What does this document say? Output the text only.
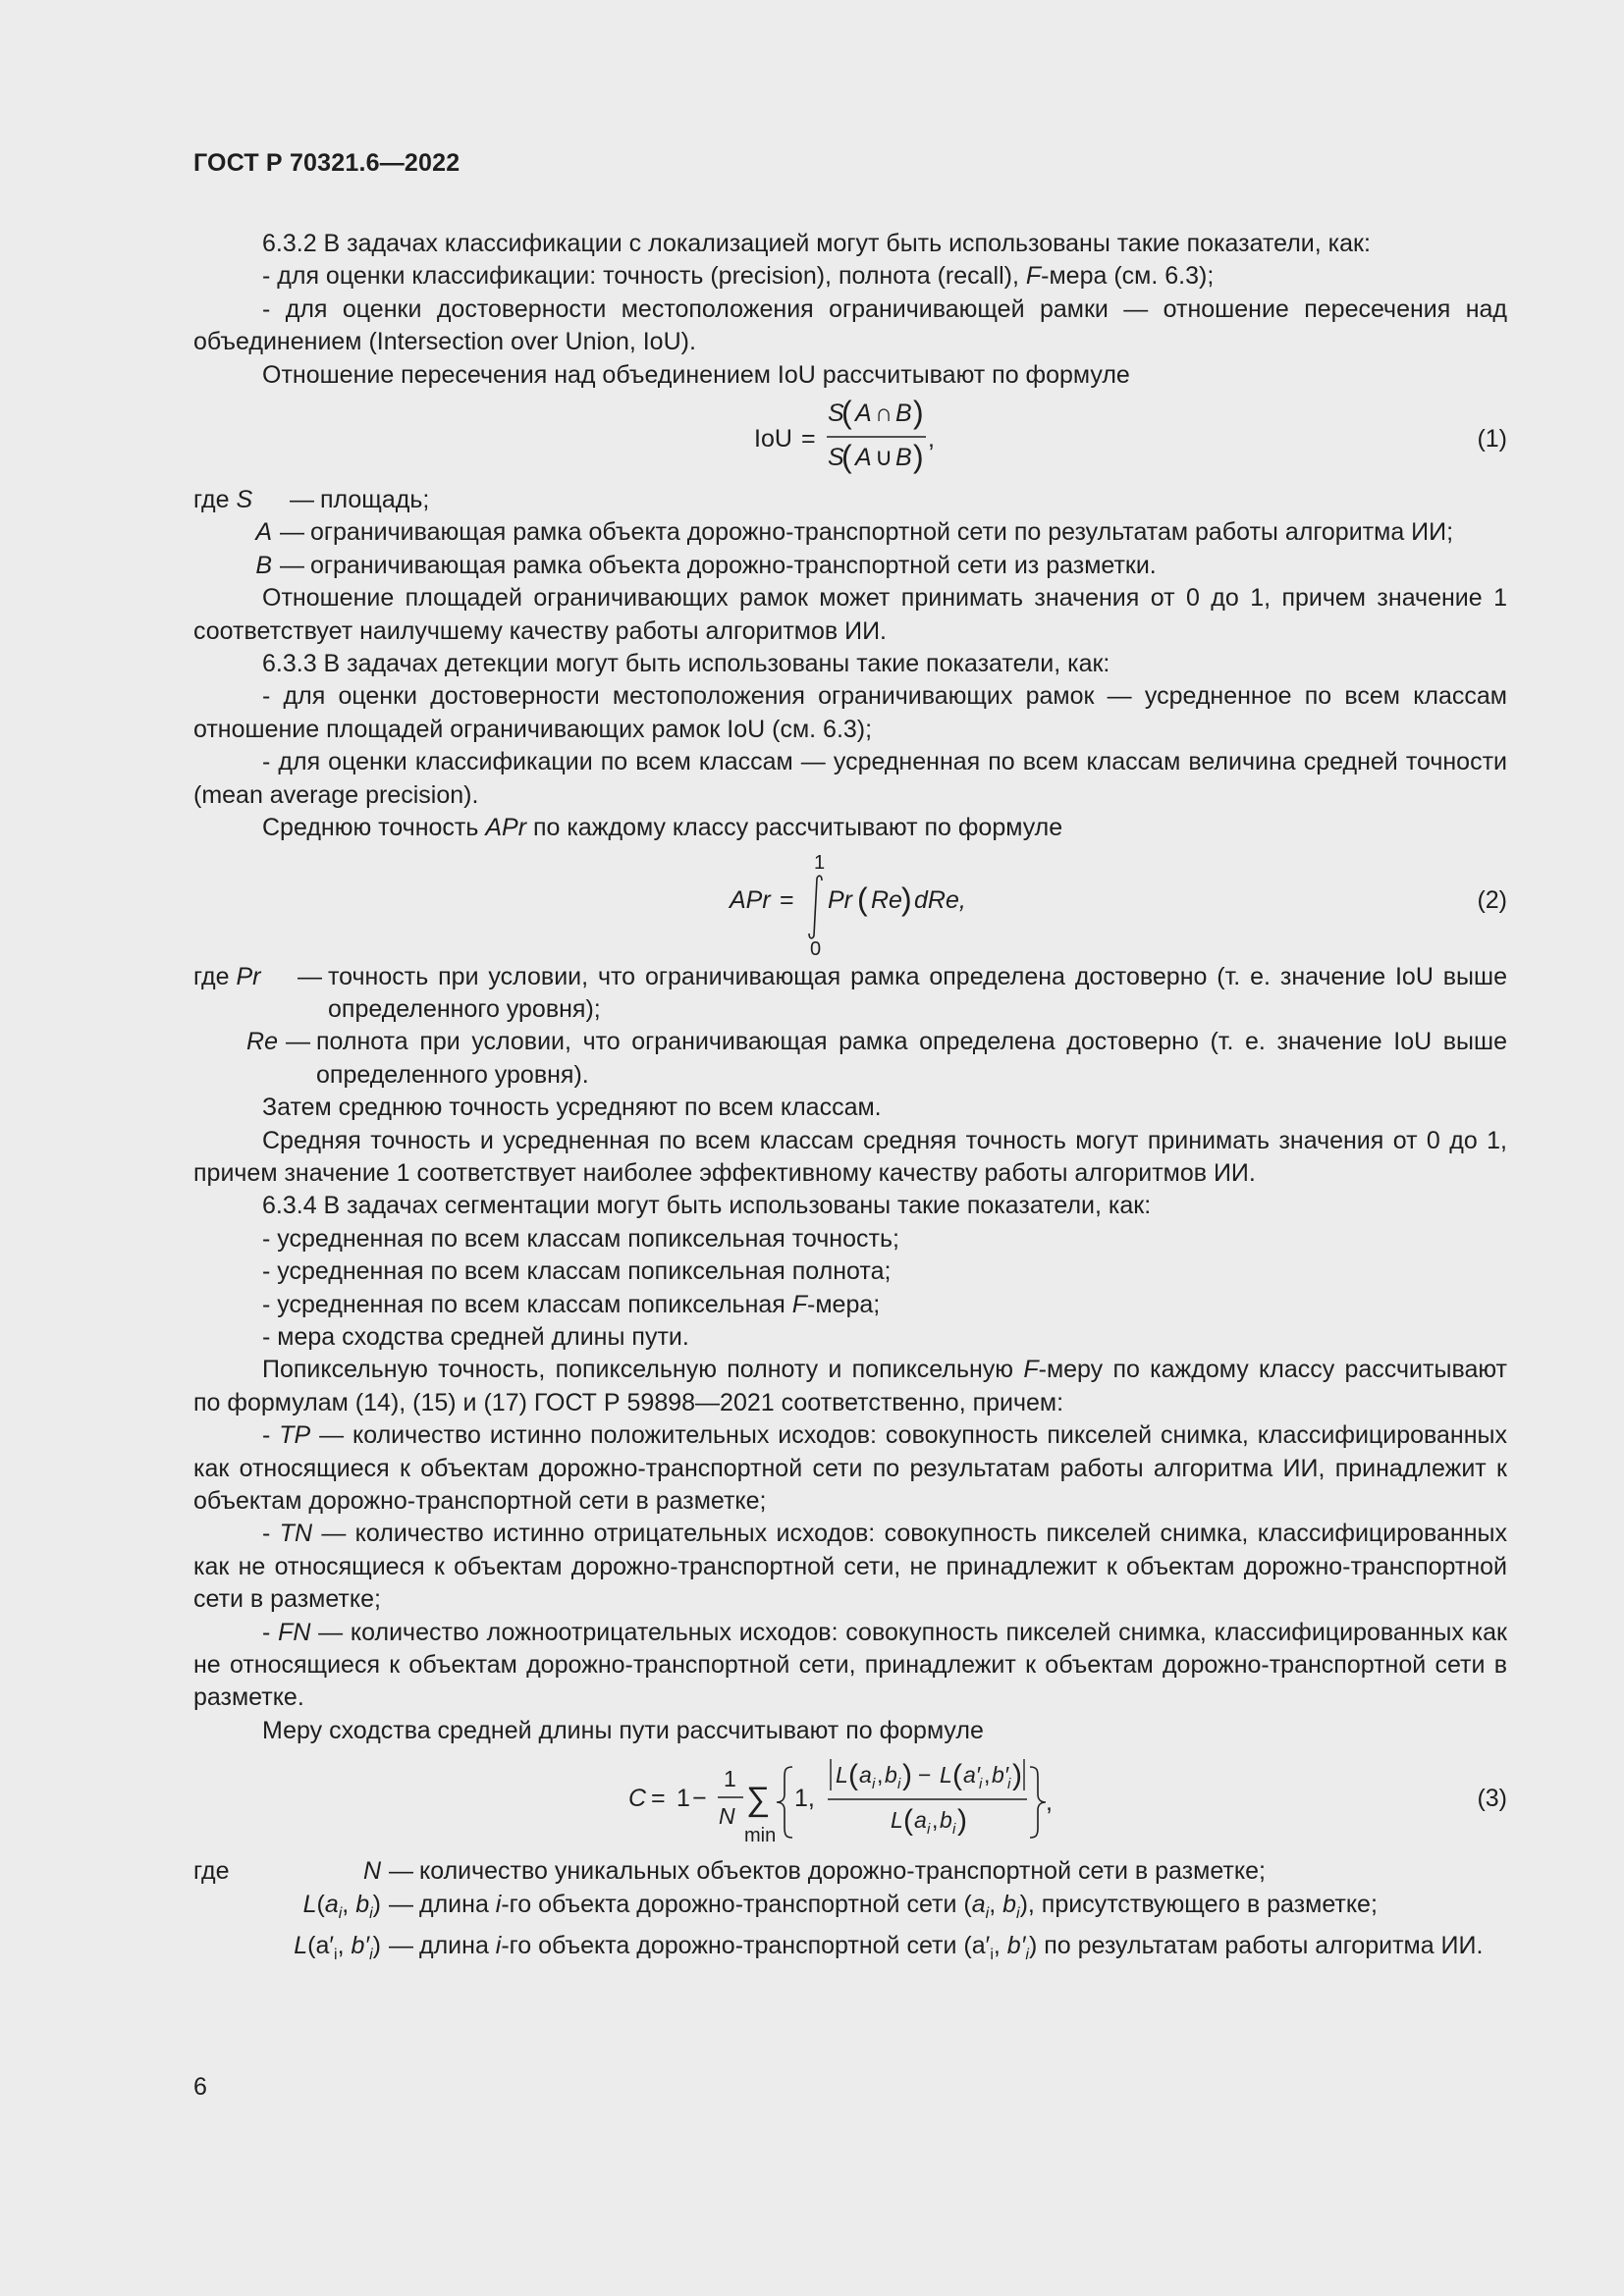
ГОСТ Р 70321.6—2022

6.3.2 В задачах классификации с локализацией могут быть использованы такие показатели, как:

- для оценки классификации: точность (precision), полнота (recall), F-мера (см. 6.3);

- для оценки достоверности местоположения ограничивающей рамки — отношение пересечения над объединением (Intersection over Union, IoU).

Отношение пересечения над объединением IoU рассчитывают по формуле

IoU =
S
( A ∩ B )
S
( A ∪ B ) ,	(1)
где S	— площадь;
A — ограничивающая рамка объекта дорожно-транспортной сети по результатам работы алгоритма ИИ;
B — ограничивающая рамка объекта дорожно-транспортной сети из разметки.

Отношение площадей ограничивающих рамок может принимать значения от 0 до 1, причем значение 1 соответствует наилучшему качеству работы алгоритмов ИИ.

6.3.3 В задачах детекции могут быть использованы такие показатели, как:

- для оценки достоверности местоположения ограничивающих рамок — усредненное по всем классам отношение площадей ограничивающих рамок IoU (см. 6.3);

- для оценки классификации по всем классам — усредненная по всем классам величина средней точности (mean average precision).

Среднюю точность APr по каждому классу рассчитывают по формуле

APr =
1
0
Pr ( Re ) dRe,	(2)
где Pr	— точность при условии, что ограничивающая рамка определена достоверно (т. е. значение IoU выше определенного уровня);
Re — полнота при условии, что ограничивающая рамка определена достоверно (т. е. значение IoU выше определенного уровня).

Затем среднюю точность усредняют по всем классам.

Средняя точность и усредненная по всем классам средняя точность могут принимать значения от 0 до 1, причем значение 1 соответствует наиболее эффективному качеству работы алгоритмов ИИ.

6.3.4 В задачах сегментации могут быть использованы такие показатели, как:

- усредненная по всем классам попиксельная точность;

- усредненная по всем классам попиксельная полнота;

- усредненная по всем классам попиксельная F-мера;

- мера сходства средней длины пути.

Попиксельную точность, попиксельную полноту и попиксельную F-меру по каждому классу рассчитывают по формулам (14), (15) и (17) ГОСТ Р 59898—2021 соответственно, причем:

- TP — количество истинно положительных исходов: совокупность пикселей снимка, классифицированных как относящиеся к объектам дорожно-транспортной сети по результатам работы алгоритма ИИ, принадлежит к объектам дорожно-транспортной сети в разметке;

- TN — количество истинно отрицательных исходов: совокупность пикселей снимка, классифицированных как не относящиеся к объектам дорожно-транспортной сети, не принадлежит к объектам дорожно-транспортной сети в разметке;

- FN — количество ложноотрицательных исходов: совокупность пикселей снимка, классифицированных как не относящиеся к объектам дорожно-транспортной сети, принадлежит к объектам дорожно-транспортной сети в разметке.

Меру сходства средней длины пути рассчитывают по формуле

C = 1 −
1
N ∑
min
1,
L ( a i , b i ) − L ( a′
i , b′
i )
L ( a i , b i )
,	(3)
где	N — количество уникальных объектов дорожно-транспортной сети в разметке;
$L(a_i$, $b_i$) — длина i-го объекта дорожно-транспортной сети ($a_i$, $b_i$), присутствующего в разметке;
$L(a'_i$, $b'_i$) — длина i-го объекта дорожно-транспортной сети ($a'_i$, $b'_i$) по результатам работы алгоритма ИИ.
6
